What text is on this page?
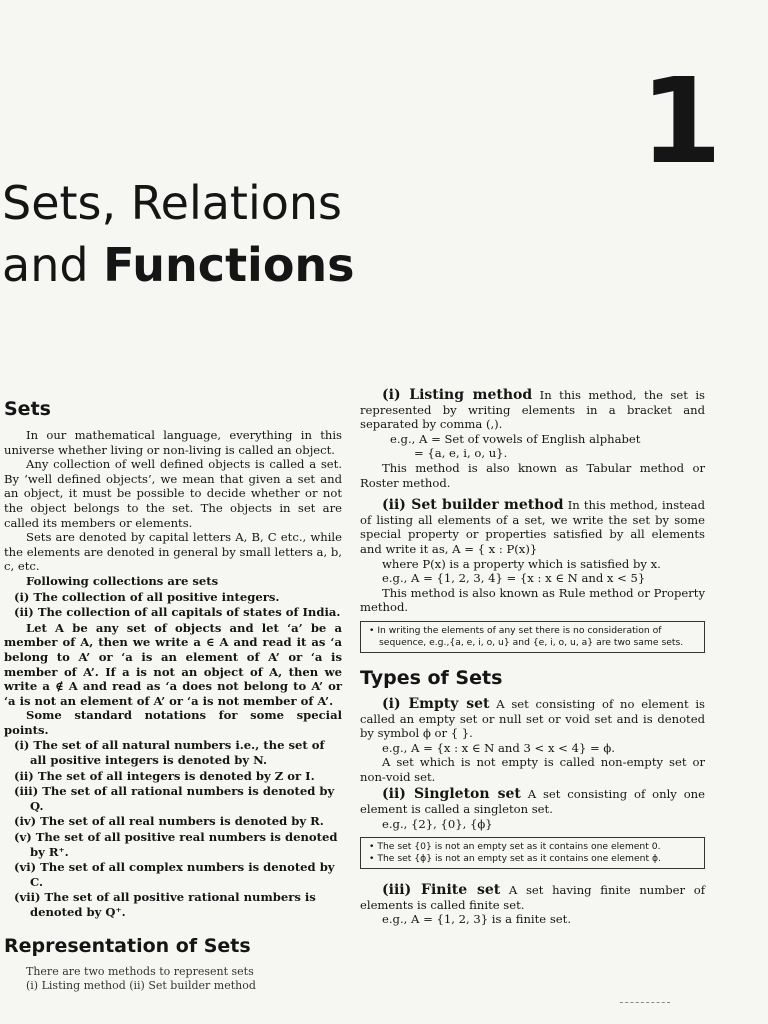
1
Sets, Relations
and Functions
Sets

In our mathematical language, everything in this universe whether living or non-living is called an object.

Any collection of well defined objects is called a set. By ‘well defined objects’, we mean that given a set and an object, it must be possible to decide whether or not the object belongs to the set. The objects in set are called its members or elements.

Sets are denoted by capital letters A, B, C etc., while the elements are denoted in general by small letters a, b, c, etc.

Following collections are sets

(i) The collection of all positive integers.
(ii) The collection of all capitals of states of India.

Let A be any set of objects and let ‘a’ be a member of A, then we write a ∈ A and read it as ‘a belong to A’ or ‘a is an element of A’ or ‘a is member of A’. If a is not an object of A, then we write a ∉ A and read as ‘a does not belong to A’ or ‘a is not an element of A’ or ‘a is not member of A’.

Some standard notations for some special points.

(i) The set of all natural numbers i.e., the set of all positive integers is denoted by N.
(ii) The set of all integers is denoted by Z or I.
(iii) The set of all rational numbers is denoted by Q.
(iv) The set of all real numbers is denoted by R.
(v) The set of all positive real numbers is denoted by R⁺.
(vi) The set of all complex numbers is denoted by C.
(vii) The set of all positive rational numbers is denoted by Q⁺.
Representation of Sets
There are two methods to represent sets
(i) Listing method (ii) Set builder method

(i) Listing method In this method, the set is represented by writing elements in a bracket and separated by comma (,).

e.g., A = Set of vowels of English alphabet
= {a, e, i, o, u}.

This method is also known as Tabular method or Roster method.

(ii) Set builder method In this method, instead of listing all elements of a set, we write the set by some special property or properties satisfied by all elements and write it as, A = { x : P(x)}

where P(x) is a property which is satisfied by x.
e.g., A = {1, 2, 3, 4} = {x : x ∈ N and x < 5}

This method is also known as Rule method or Property method.

• In writing the elements of any set there is no consideration of sequence, e.g.,{a, e, i, o, u} and {e, i, o, u, a} are two same sets.
Types of Sets

(i) Empty set A set consisting of no element is called an empty set or null set or void set and is denoted by symbol ϕ or { }.

e.g., A = {x : x ∈ N and 3 < x < 4} = ϕ.

A set which is not empty is called non-empty set or non-void set.

(ii) Singleton set A set consisting of only one element is called a singleton set.

e.g., {2}, {0}, {ϕ}
• The set {0} is not an empty set as it contains one element 0.
• The set {ϕ} is not an empty set as it contains one element ϕ.

(iii) Finite set A set having finite number of elements is called finite set.

e.g., A = {1, 2, 3} is a finite set.
